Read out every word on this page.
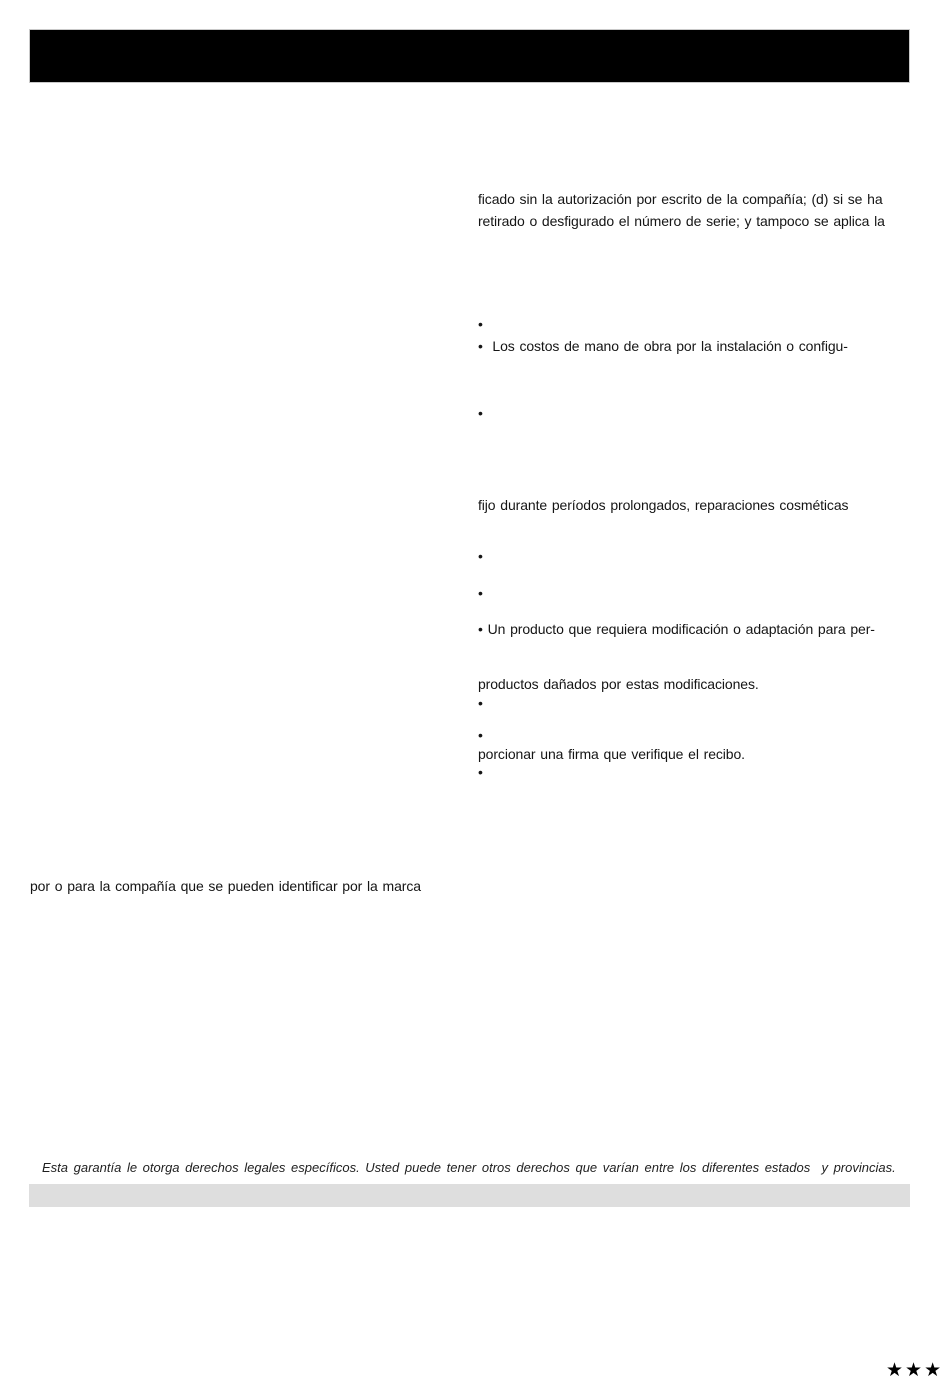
ficado sin la autorización por escrito de la compañía; (d) si se ha
retirado o desfigurado el número de serie; y tampoco se aplica la
•
•  Los costos de mano de obra por la instalación o configu-
•
fijo durante períodos prolongados, reparaciones cosméticas
•
•
• Un producto que requiera modificación o adaptación para per-
productos dañados por estas modificaciones.
•
•
porcionar una firma que verifique el recibo.
•
por o para la compañía que se pueden identificar por la marca
Esta garantía le otorga derechos legales específicos. Usted puede tener otros derechos que varían entre los diferentes estados  y provincias.
★★★
